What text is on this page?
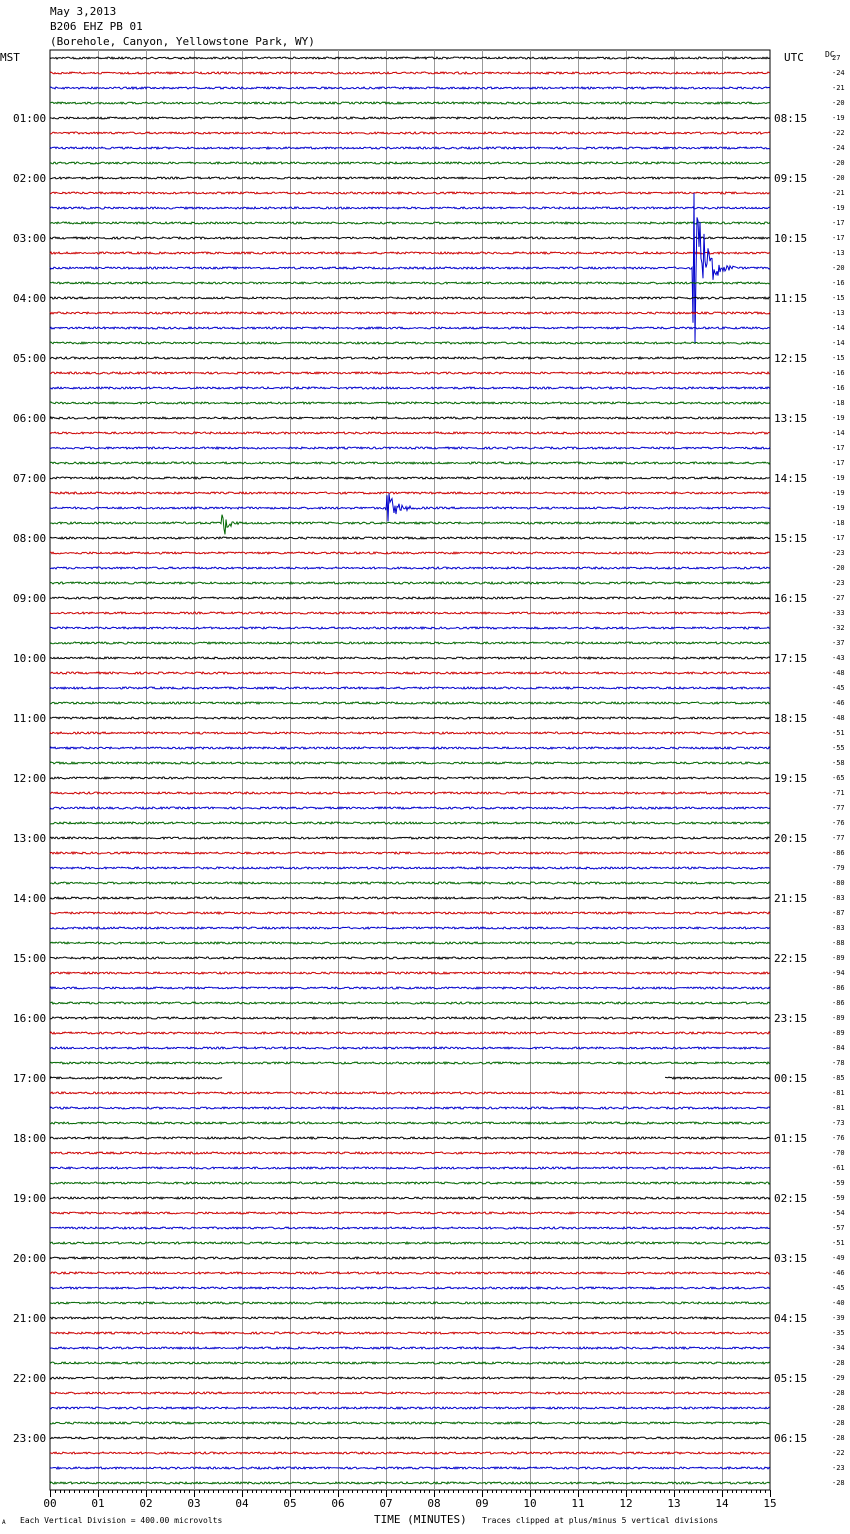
May 3,2013
B206 EHZ PB 01
(Borehole, Canyon, Yellowstone Park, WY)
MST	UTC	DC
01:00
02:00
03:00
04:00
05:00
06:00
07:00
08:00
09:00
10:00
11:00
12:00
13:00
14:00
15:00
16:00
17:00
18:00
19:00
20:00
21:00
22:00
23:00
08:15
09:15
10:15
11:15
12:15
13:15
14:15
15:15
16:15
17:15
18:15
19:15
20:15
21:15
22:15
23:15
00:15
01:15
02:15
03:15
04:15
05:15
06:15
27
-24
-21
-20
-19
-22
-24
-20
-20
-21
-19
-17
-17
-13
-20
-16
-15
-13
-14
-14
-15
-16
-16
-18
-19
-14
-17
-17
-19
-19
-19
-18
-17
-23
-20
-23
-27
-33
-32
-37
-43
-48
-45
-46
-48
-51
-55
-58
-65
-71
-77
-76
-77
-86
-79
-80
-83
-87
-83
-88
-89
-94
-86
-86
-89
-89
-84
-78
-85
-81
-81
-73
-76
-70
-61
-59
-59
-54
-57
-51
-49
-46
-45
-40
-39
-35
-34
-28
-29
-28
-28
-28
-28
-22
-23
-28
00	01	02	03	04	05	06	07	08	09	10	11	12	13	14	15
A Each Vertical Division = 400.00 microvolts	TIME (MINUTES) Traces clipped at plus/minus 5 vertical divisions
